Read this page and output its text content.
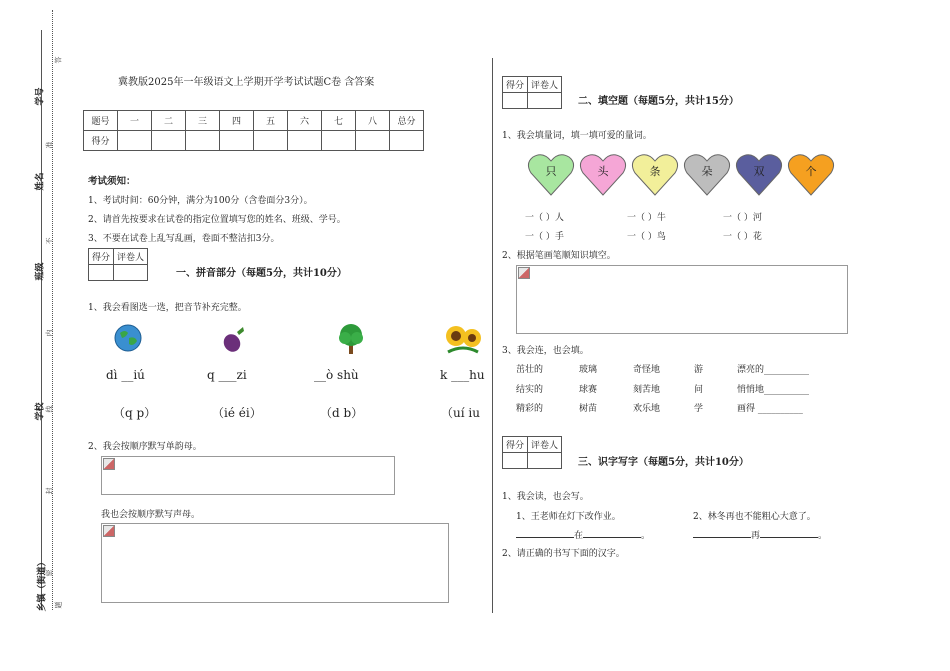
学号
姓名
班级
学校
乡镇（街道）
答
准
不
内
线
封
密
题
冀教版2025年一年级语文上学期开学考试试题C卷 含答案
题号	一	二	三	四	五	六	七	八	总分
得分									
考试须知：
1、考试时间：60分钟，满分为100分（含卷面分3分）。
2、请首先按要求在试卷的指定位置填写您的姓名、班级、学号。
3、不要在试卷上乱写乱画，卷面不整洁扣3分。
得分	评卷人

一、拼音部分（每题5分，共计10分）
1、我会看图选一选，把音节补充完整。
dì __iú	q ___zi	__ò shù	k ___hu
（q p）	（ié éi）	（d b）	（uí iu
2、我会按顺序默写单韵母。
我也会按顺序默写声母。
得分	评卷人

二、填空题（每题5分，共计15分）
1、我会填量词，填一填可爱的量词。
只	头	条	朵	双	个
一（ ）人	一（ ）牛	一（ ）河
一（ ）手	一（ ）鸟	一（ ）花
2、根据笔画笔顺知识填空。
3、我会连，也会填。
茁壮的	玻璃	奇怪地	游	漂亮的__________
结实的	球赛	刻苦地	问	悄悄地__________
精彩的	树苗	欢乐地	学	画得 __________
得分	评卷人

三、识字写字（每题5分，共计10分）
1、我会读，也会写。
1、王老师在灯下改作业。	2、林冬再也不能粗心大意了。
在	。	再	。
2、请正确的书写下面的汉字。
